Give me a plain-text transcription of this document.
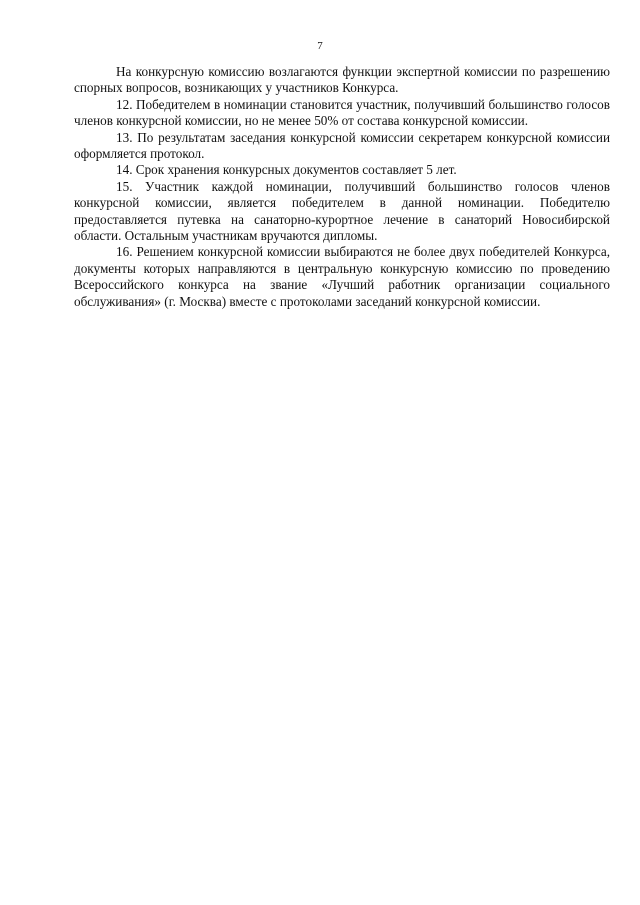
7

На конкурсную комиссию возлагаются функции экспертной комиссии по разрешению спорных вопросов, возникающих у участников Конкурса.

12. Победителем в номинации становится участник, получивший большинство голосов членов конкурсной комиссии, но не менее 50% от состава конкурсной комиссии.

13. По результатам заседания конкурсной комиссии секретарем конкурсной комиссии оформляется протокол.

14. Срок хранения конкурсных документов составляет 5 лет.

15. Участник каждой номинации, получивший большинство голосов членов конкурсной комиссии, является победителем в данной номинации. Победителю предоставляется путевка на санаторно-курортное лечение в санаторий Новосибирской области. Остальным участникам вручаются дипломы.

16. Решением конкурсной комиссии выбираются не более двух победителей Конкурса, документы которых направляются в центральную конкурсную комиссию по проведению Всероссийского конкурса на звание «Лучший работник организации социального обслуживания» (г. Москва) вместе с протоколами заседаний конкурсной комиссии.
